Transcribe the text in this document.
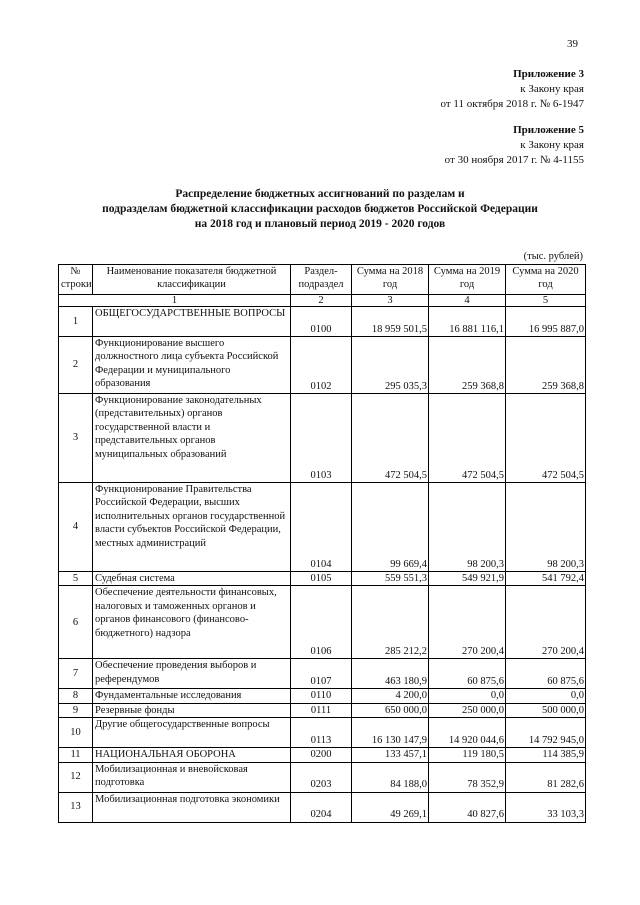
39
Приложение 3
к Закону края
от 11 октября 2018 г. № 6-1947
Приложение 5
к Закону края
от 30 ноября 2017 г. № 4-1155
Распределение бюджетных ассигнований по разделам и
подразделам бюджетной классификации расходов бюджетов Российской Федерации
на 2018 год и плановый период 2019 - 2020 годов
(тыс. рублей)
№ строки	Наименование показателя бюджетной классификации	Раздел-подраздел	Сумма на 2018 год	Сумма на 2019 год	Сумма на 2020 год
1		2	3	4	5
1	ОБЩЕГОСУДАРСТВЕННЫЕ ВОПРОСЫ	0100	18 959 501,5	16 881 116,1	16 995 887,0
2	Функционирование высшего должностного лица субъекта Российской Федерации и муниципального образования	0102	295 035,3	259 368,8	259 368,8
3	Функционирование законодательных (представительных) органов государственной власти и представительных органов муниципальных образований	0103	472 504,5	472 504,5	472 504,5
4	Функционирование Правительства Российской Федерации, высших исполнительных органов государственной власти субъектов Российской Федерации, местных администраций	0104	99 669,4	98 200,3	98 200,3
5	Судебная система	0105	559 551,3	549 921,9	541 792,4
6	Обеспечение деятельности финансовых, налоговых и таможенных органов и органов финансового (финансово-бюджетного) надзора	0106	285 212,2	270 200,4	270 200,4
7	Обеспечение проведения выборов и референдумов	0107	463 180,9	60 875,6	60 875,6
8	Фундаментальные исследования	0110	4 200,0	0,0	0,0
9	Резервные фонды	0111	650 000,0	250 000,0	500 000,0
10	Другие общегосударственные вопросы	0113	16 130 147,9	14 920 044,6	14 792 945,0
11	НАЦИОНАЛЬНАЯ ОБОРОНА	0200	133 457,1	119 180,5	114 385,9
12	Мобилизационная и вневойсковая подготовка	0203	84 188,0	78 352,9	81 282,6
13	Мобилизационная подготовка экономики	0204	49 269,1	40 827,6	33 103,3
